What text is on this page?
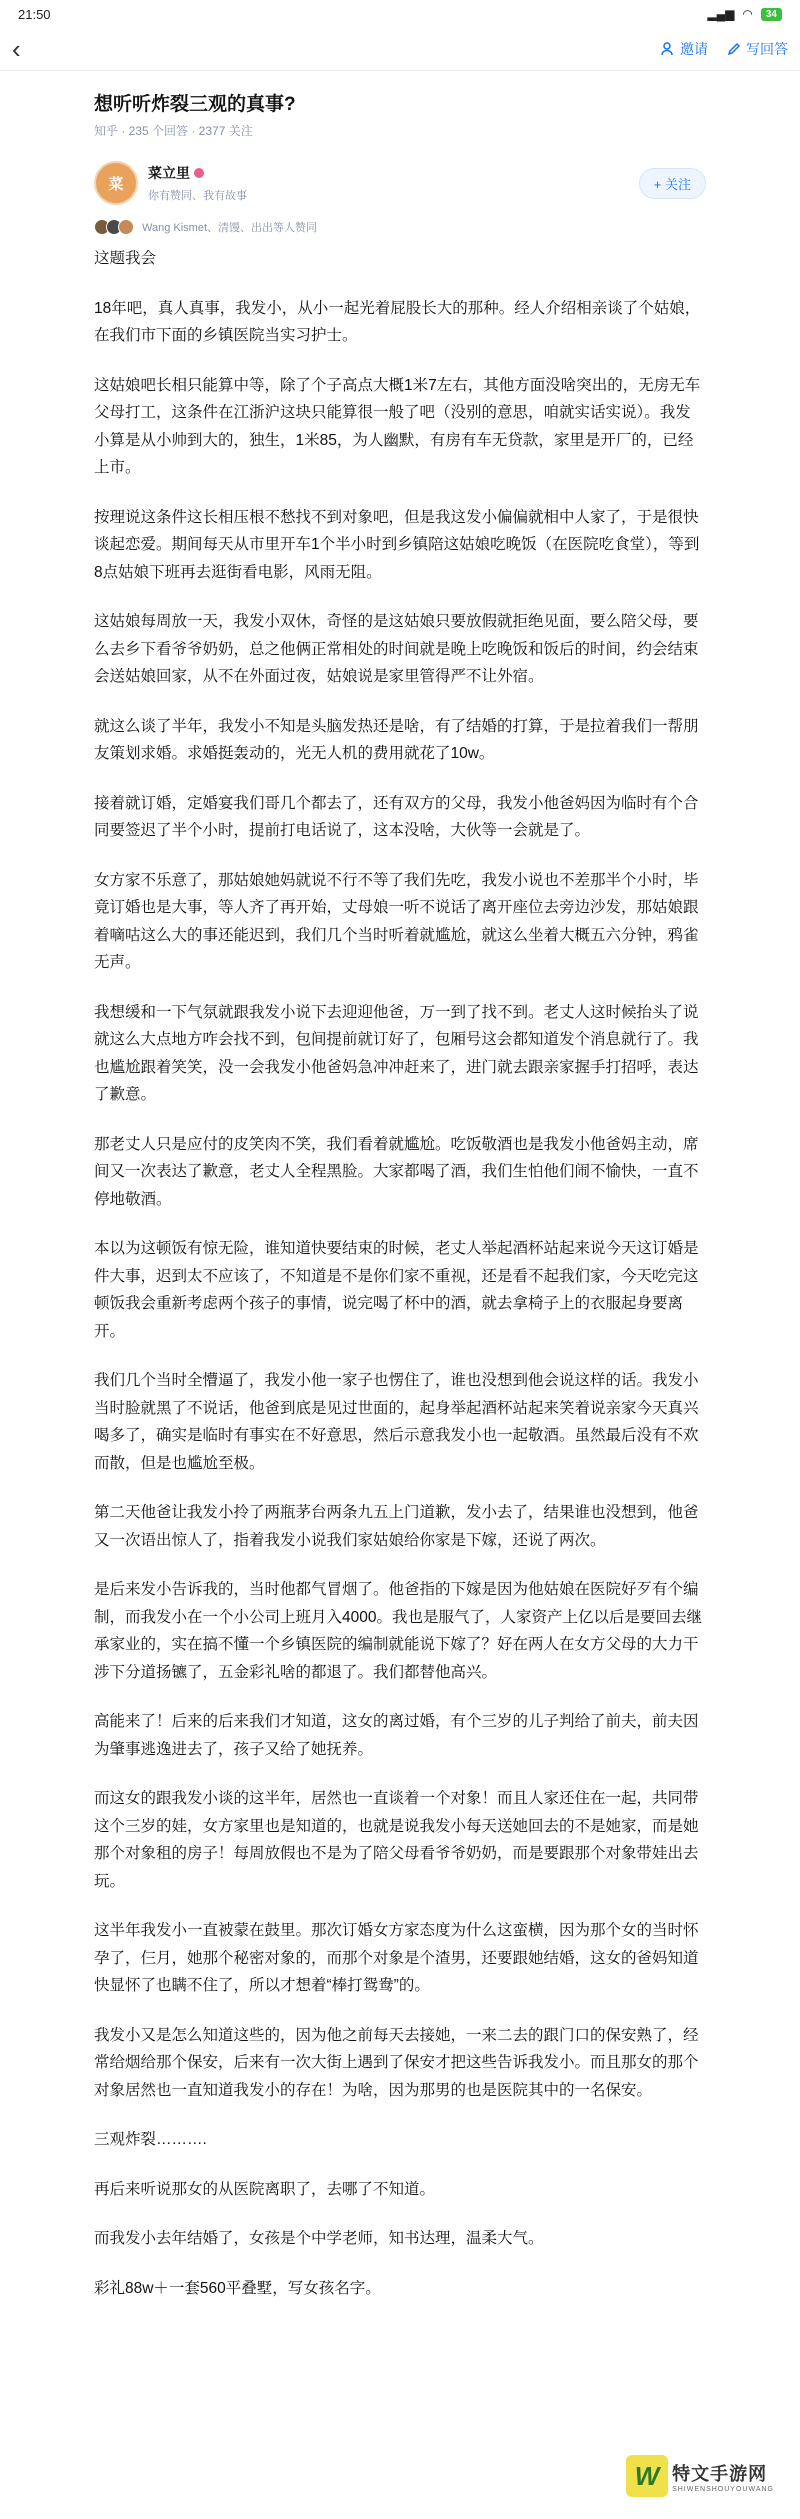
21:50	▂▄▆ ◠	34
‹	邀请	写回答
想听听炸裂三观的真事?
知乎 · 235 个回答 · 2377 关注
菜
菜立里
你有赞同、我有故事
+ 关注
Wang Kismet、清馒、出出等人赞同

这题我会

18年吧，真人真事，我发小，从小一起光着屁股长大的那种。经人介绍相亲谈了个姑娘，在我们市下面的乡镇医院当实习护士。

这姑娘吧长相只能算中等，除了个子高点大概1米7左右，其他方面没啥突出的，无房无车父母打工，这条件在江浙沪这块只能算很一般了吧（没别的意思，咱就实话实说）。我发小算是从小帅到大的，独生，1米85，为人幽默，有房有车无贷款，家里是开厂的，已经上市。

按理说这条件这长相压根不愁找不到对象吧，但是我这发小偏偏就相中人家了，于是很快谈起恋爱。期间每天从市里开车1个半小时到乡镇陪这姑娘吃晚饭（在医院吃食堂），等到8点姑娘下班再去逛街看电影，风雨无阻。

这姑娘每周放一天，我发小双休，奇怪的是这姑娘只要放假就拒绝见面，要么陪父母，要么去乡下看爷爷奶奶，总之他俩正常相处的时间就是晚上吃晚饭和饭后的时间，约会结束会送姑娘回家，从不在外面过夜，姑娘说是家里管得严不让外宿。

就这么谈了半年，我发小不知是头脑发热还是啥，有了结婚的打算，于是拉着我们一帮朋友策划求婚。求婚挺轰动的，光无人机的费用就花了10w。

接着就订婚，定婚宴我们哥几个都去了，还有双方的父母，我发小他爸妈因为临时有个合同要签迟了半个小时，提前打电话说了，这本没啥，大伙等一会就是了。

女方家不乐意了，那姑娘她妈就说不行不等了我们先吃，我发小说也不差那半个小时，毕竟订婚也是大事，等人齐了再开始，丈母娘一听不说话了离开座位去旁边沙发，那姑娘跟着嘀咕这么大的事还能迟到，我们几个当时听着就尴尬，就这么坐着大概五六分钟，鸦雀无声。

我想缓和一下气氛就跟我发小说下去迎迎他爸，万一到了找不到。老丈人这时候抬头了说就这么大点地方咋会找不到，包间提前就订好了，包厢号这会都知道发个消息就行了。我也尴尬跟着笑笑，没一会我发小他爸妈急冲冲赶来了，进门就去跟亲家握手打招呼，表达了歉意。

那老丈人只是应付的皮笑肉不笑，我们看着就尴尬。吃饭敬酒也是我发小他爸妈主动，席间又一次表达了歉意，老丈人全程黑脸。大家都喝了酒，我们生怕他们闹不愉快，一直不停地敬酒。

本以为这顿饭有惊无险，谁知道快要结束的时候，老丈人举起酒杯站起来说今天这订婚是件大事，迟到太不应该了，不知道是不是你们家不重视，还是看不起我们家，今天吃完这顿饭我会重新考虑两个孩子的事情，说完喝了杯中的酒，就去拿椅子上的衣服起身要离开。

我们几个当时全懵逼了，我发小他一家子也愣住了，谁也没想到他会说这样的话。我发小当时脸就黑了不说话，他爸到底是见过世面的，起身举起酒杯站起来笑着说亲家今天真兴喝多了，确实是临时有事实在不好意思，然后示意我发小也一起敬酒。虽然最后没有不欢而散，但是也尴尬至极。

第二天他爸让我发小拎了两瓶茅台两条九五上门道歉，发小去了，结果谁也没想到，他爸又一次语出惊人了，指着我发小说我们家姑娘给你家是下嫁，还说了两次。

是后来发小告诉我的，当时他都气冒烟了。他爸指的下嫁是因为他姑娘在医院好歹有个编制，而我发小在一个小公司上班月入4000。我也是服气了，人家资产上亿以后是要回去继承家业的，实在搞不懂一个乡镇医院的编制就能说下嫁了？好在两人在女方父母的大力干涉下分道扬镳了，五金彩礼啥的都退了。我们都替他高兴。

高能来了！后来的后来我们才知道，这女的离过婚，有个三岁的儿子判给了前夫，前夫因为肇事逃逸进去了，孩子又给了她抚养。

而这女的跟我发小谈的这半年，居然也一直谈着一个对象！而且人家还住在一起，共同带这个三岁的娃，女方家里也是知道的，也就是说我发小每天送她回去的不是她家，而是她那个对象租的房子！每周放假也不是为了陪父母看爷爷奶奶，而是要跟那个对象带娃出去玩。

这半年我发小一直被蒙在鼓里。那次订婚女方家态度为什么这蛮横，因为那个女的当时怀孕了，仨月，她那个秘密对象的，而那个对象是个渣男，还要跟她结婚，这女的爸妈知道快显怀了也瞒不住了，所以才想着“棒打鸳鸯”的。

我发小又是怎么知道这些的，因为他之前每天去接她，一来二去的跟门口的保安熟了，经常给烟给那个保安，后来有一次大街上遇到了保安才把这些告诉我发小。而且那女的那个对象居然也一直知道我发小的存在！为啥，因为那男的也是医院其中的一名保安。

三观炸裂……….

再后来听说那女的从医院离职了，去哪了不知道。

而我发小去年结婚了，女孩是个中学老师，知书达理，温柔大气。

彩礼88w＋一套560平叠墅，写女孩名字。

W 特文手游网
SHIWENSHOUYOUWANG
